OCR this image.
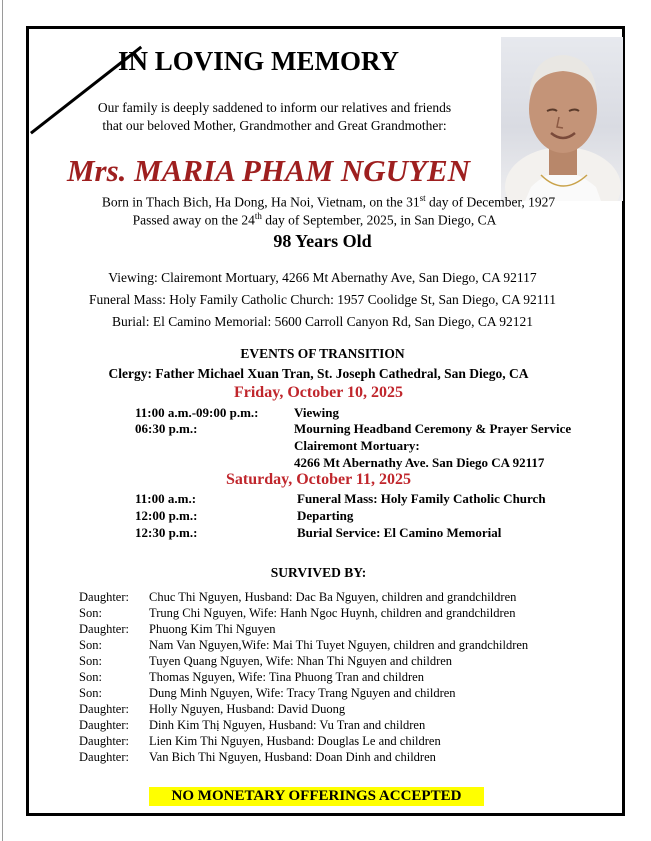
IN LOVING MEMORY
Our family is deeply saddened to inform our relatives and friends
that our beloved Mother, Grandmother and Great Grandmother:
Mrs. MARIA PHAM NGUYEN
Born in Thach Bich, Ha Dong, Ha Noi, Vietnam, on the 31st day of December, 1927
Passed away on the 24th day of September, 2025, in San Diego, CA
98 Years Old
Viewing: Clairemont Mortuary, 4266 Mt Abernathy Ave, San Diego, CA 92117
Funeral Mass: Holy Family Catholic Church: 1957 Coolidge St, San Diego, CA 92111
Burial: El Camino Memorial: 5600 Carroll Canyon Rd, San Diego, CA 92121
EVENTS OF TRANSITION
Clergy: Father Michael Xuan Tran, St. Joseph Cathedral, San Diego, CA
Friday, October 10, 2025
11:00 a.m.-09:00 p.m.:	Viewing
06:30 p.m.:	Mourning Headband Ceremony & Prayer Service
Clairemont Mortuary:
4266 Mt Abernathy Ave. San Diego CA 92117
Saturday, October 11, 2025
11:00 a.m.:	Funeral Mass: Holy Family Catholic Church
12:00 p.m.:	Departing
12:30 p.m.:	Burial Service: El Camino Memorial
SURVIVED BY:
Daughter: Chuc Thi Nguyen, Husband: Dac Ba Nguyen, children and grandchildren
Son:	Trung Chi Nguyen, Wife: Hanh Ngoc Huynh, children and grandchildren
Daughter: Phuong Kim Thi Nguyen
Son:	Nam Van Nguyen,Wife: Mai Thi Tuyet Nguyen, children and grandchildren
Son:	Tuyen Quang Nguyen, Wife: Nhan Thi Nguyen and children
Son:	Thomas Nguyen, Wife: Tina Phuong Tran and children
Son:	Dung Minh Nguyen, Wife: Tracy Trang Nguyen and children
Daughter: Holly Nguyen, Husband: David Duong
Daughter: Dinh Kim Thị Nguyen, Husband: Vu Tran and children
Daughter: Lien Kim Thi Nguyen, Husband: Douglas Le and children
Daughter: Van Bich Thi Nguyen, Husband: Doan Dinh and children
NO MONETARY OFFERINGS ACCEPTED
